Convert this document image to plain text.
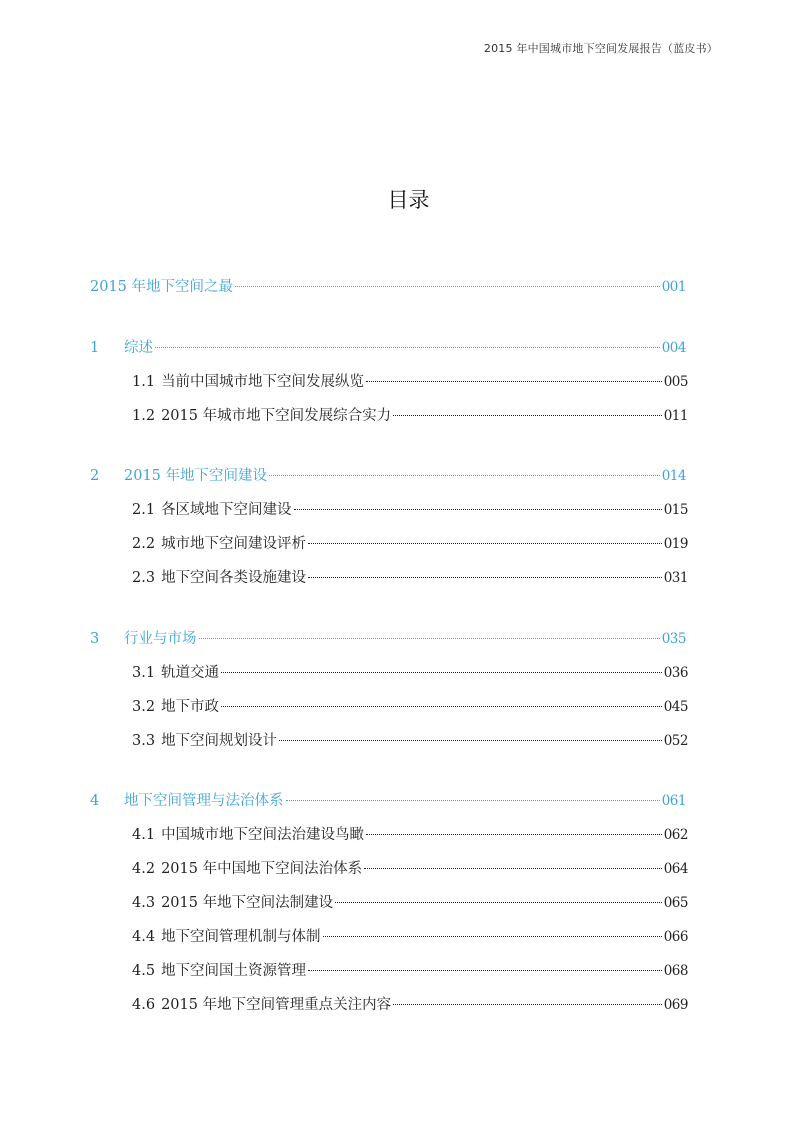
2015 年中国城市地下空间发展报告（蓝皮书）
目录
2015 年地下空间之最	001
1	综述	004
1.1 当前中国城市地下空间发展纵览	005
1.2 2015 年城市地下空间发展综合实力	011
2	2015 年地下空间建设	014
2.1 各区域地下空间建设	015
2.2 城市地下空间建设评析	019
2.3 地下空间各类设施建设	031
3	行业与市场	035
3.1 轨道交通	036
3.2 地下市政	045
3.3 地下空间规划设计	052
4	地下空间管理与法治体系	061
4.1 中国城市地下空间法治建设鸟瞰	062
4.2 2015 年中国地下空间法治体系	064
4.3 2015 年地下空间法制建设	065
4.4 地下空间管理机制与体制	066
4.5 地下空间国土资源管理	068
4.6 2015 年地下空间管理重点关注内容	069
